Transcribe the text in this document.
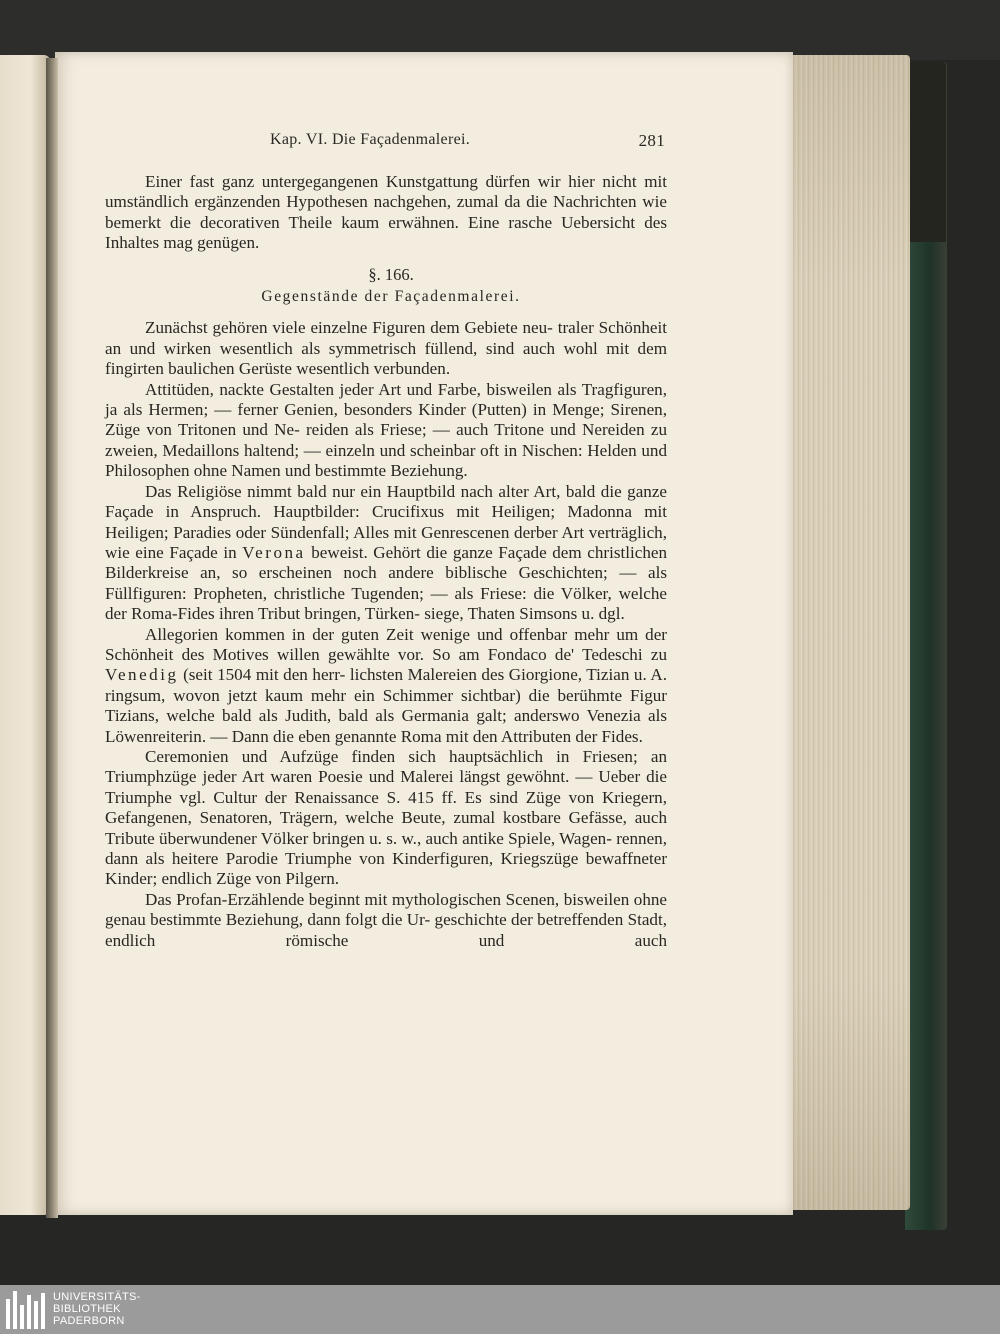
Kap. VI. Die Façadenmalerei.	281

Einer fast ganz untergegangenen Kunstgattung dürfen wir hier nicht mit umständlich ergänzenden Hypothesen nachgehen, zumal da die Nachrichten wie bemerkt die decorativen Theile kaum erwähnen. Eine rasche Uebersicht des Inhaltes mag genügen.

§. 166.

Gegenstände der Façadenmalerei.

Zunächst gehören viele einzelne Figuren dem Gebiete neu- traler Schönheit an und wirken wesentlich als symmetrisch füllend, sind auch wohl mit dem fingirten baulichen Gerüste wesentlich verbunden.

Attitüden, nackte Gestalten jeder Art und Farbe, bisweilen als Tragfiguren, ja als Hermen; — ferner Genien, besonders Kinder (Putten) in Menge; Sirenen, Züge von Tritonen und Ne- reiden als Friese; — auch Tritone und Nereiden zu zweien, Medaillons haltend; — einzeln und scheinbar oft in Nischen: Helden und Philosophen ohne Namen und bestimmte Beziehung.

Das Religiöse nimmt bald nur ein Hauptbild nach alter Art, bald die ganze Façade in Anspruch. Hauptbilder: Crucifixus mit Heiligen; Madonna mit Heiligen; Paradies oder Sündenfall; Alles mit Genrescenen derber Art verträglich, wie eine Façade in Verona beweist. Gehört die ganze Façade dem christlichen Bilderkreise an, so erscheinen noch andere biblische Geschichten; — als Füllfiguren: Propheten, christliche Tugenden; — als Friese: die Völker, welche der Roma-Fides ihren Tribut bringen, Türken- siege, Thaten Simsons u. dgl.

Allegorien kommen in der guten Zeit wenige und offenbar mehr um der Schönheit des Motives willen gewählte vor. So am Fondaco de' Tedeschi zu Venedig (seit 1504 mit den herr- lichsten Malereien des Giorgione, Tizian u. A. ringsum, wovon jetzt kaum mehr ein Schimmer sichtbar) die berühmte Figur Tizians, welche bald als Judith, bald als Germania galt; anderswo Venezia als Löwenreiterin. — Dann die eben genannte Roma mit den Attributen der Fides.

Ceremonien und Aufzüge finden sich hauptsächlich in Friesen; an Triumphzüge jeder Art waren Poesie und Malerei längst gewöhnt. — Ueber die Triumphe vgl. Cultur der Renaissance S. 415 ff. Es sind Züge von Kriegern, Gefangenen, Senatoren, Trägern, welche Beute, zumal kostbare Gefässe, auch Tribute überwundener Völker bringen u. s. w., auch antike Spiele, Wagen- rennen, dann als heitere Parodie Triumphe von Kinderfiguren, Kriegszüge bewaffneter Kinder; endlich Züge von Pilgern.

Das Profan-Erzählende beginnt mit mythologischen Scenen, bisweilen ohne genau bestimmte Beziehung, dann folgt die Ur- geschichte der betreffenden Stadt, endlich römische und auch

UNIVERSITÄTS-
BIBLIOTHEK
PADERBORN
